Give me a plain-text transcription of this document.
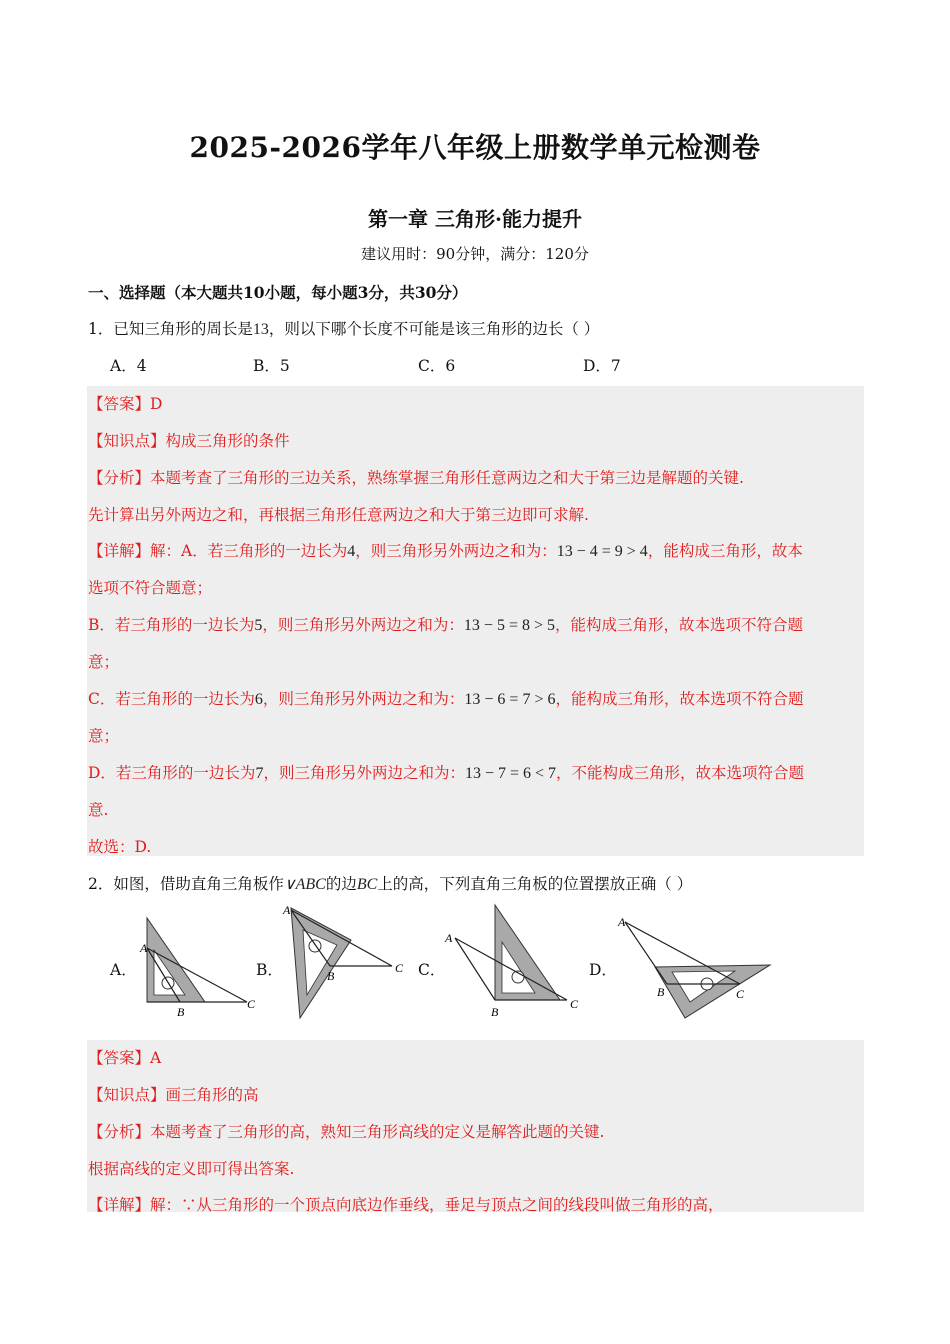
2025-2026学年八年级上册数学单元检测卷
第一章 三角形·能力提升
建议用时：90分钟，满分：120分
一、选择题（本大题共10小题，每小题3分，共30分）
1．已知三角形的周长是13，则以下哪个长度不可能是该三角形的边长（ ）
A．4	B．5	C．6	D．7
【答案】D
【知识点】构成三角形的条件
【分析】本题考查了三角形的三边关系，熟练掌握三角形任意两边之和大于第三边是解题的关键.
先计算出另外两边之和，再根据三角形任意两边之和大于第三边即可求解.
【详解】解：A．若三角形的一边长为4，则三角形另外两边之和为：13 − 4 = 9 > 4，能构成三角形，故本
选项不符合题意；
B．若三角形的一边长为5，则三角形另外两边之和为：13 − 5 = 8 > 5，能构成三角形，故本选项不符合题
意；
C．若三角形的一边长为6，则三角形另外两边之和为：13 − 6 = 7 > 6，能构成三角形，故本选项不符合题
意；
D．若三角形的一边长为7，则三角形另外两边之和为：13 − 7 = 6 < 7，不能构成三角形，故本选项符合题
意.
故选：D.
2．如图，借助直角三角板作∨ABC的边BC上的高，下列直角三角板的位置摆放正确（ ）
A．	B．	C．	D．
A
B
C
A
B
C
A
B
C
A
B	C
【答案】A
【知识点】画三角形的高
【分析】本题考查了三角形的高，熟知三角形高线的定义是解答此题的关键.
根据高线的定义即可得出答案.
【详解】解：∵从三角形的一个顶点向底边作垂线，垂足与顶点之间的线段叫做三角形的高，
